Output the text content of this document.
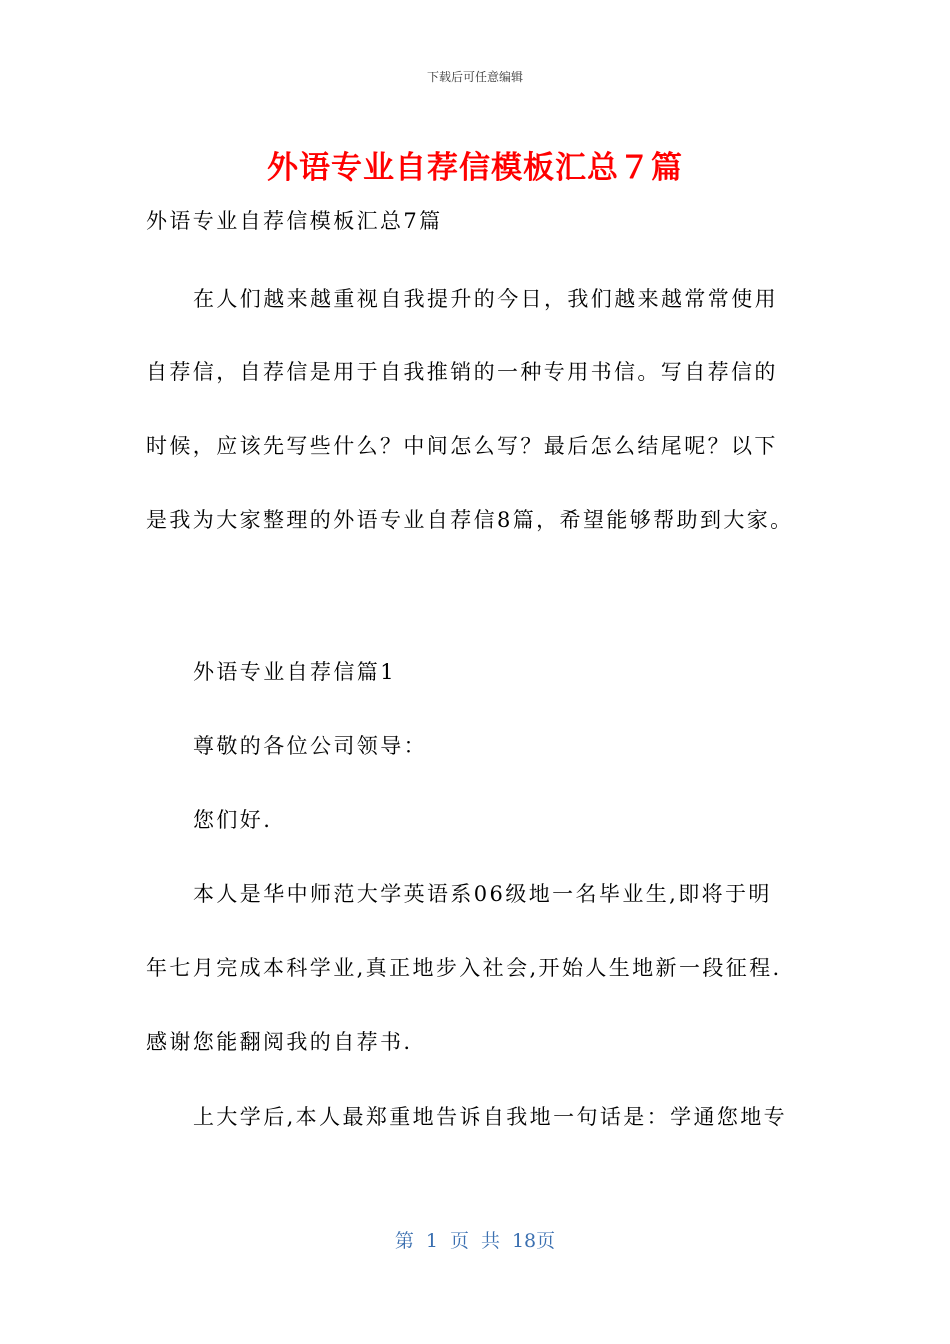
下载后可任意编辑
外语专业自荐信模板汇总７篇
外语专业自荐信模板汇总7篇
在人们越来越重视自我提升的今日，我们越来越常常使用
自荐信，自荐信是用于自我推销的一种专用书信。写自荐信的
时候，应该先写些什么？中间怎么写？最后怎么结尾呢？以下
是我为大家整理的外语专业自荐信8篇，希望能够帮助到大家。
外语专业自荐信篇1
尊敬的各位公司领导：
您们好.
本人是华中师范大学英语系06级地一名毕业生,即将于明
年七月完成本科学业,真正地步入社会,开始人生地新一段征程.
感谢您能翻阅我的自荐书.
上大学后,本人最郑重地告诉自我地一句话是：学通您地专
第 1 页 共 18页
